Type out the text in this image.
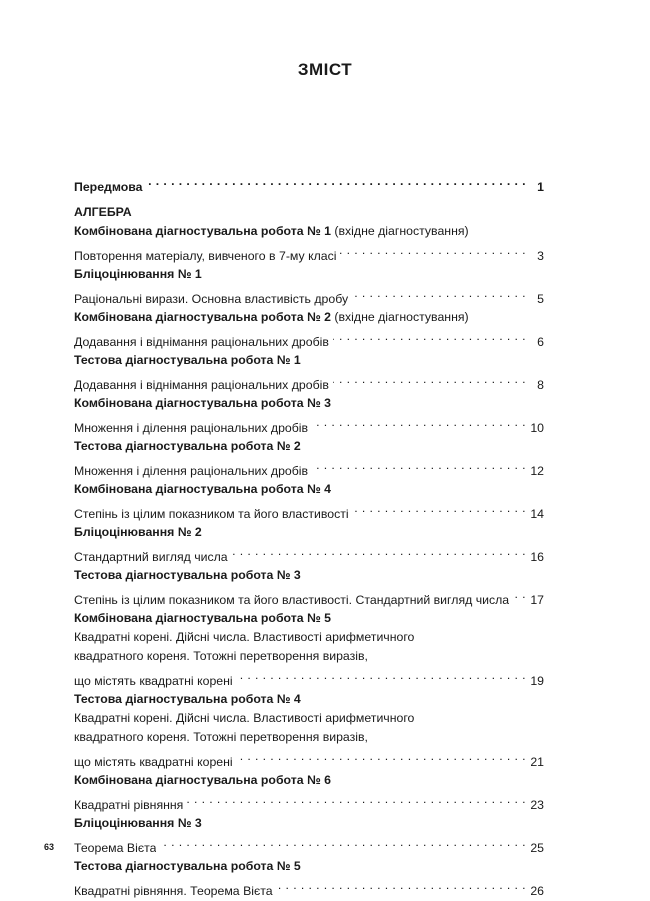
ЗМІСТ
Передмова . . .	1
АЛГЕБРА
Комбінована діагностувальна робота № 1 (вхідне діагностування)
Повторення матеріалу, вивченого в 7-му класі . . .	3
Бліцоцінювання № 1
Раціональні вирази. Основна властивість дробу . . .	5
Комбінована діагностувальна робота № 2 (вхідне діагностування)
Додавання і віднімання раціональних дробів . . .	6
Тестова діагностувальна робота № 1
Додавання і віднімання раціональних дробів . . .	8
Комбінована діагностувальна робота № 3
Множення і ділення раціональних дробів . . .	10
Тестова діагностувальна робота № 2
Множення і ділення раціональних дробів . . .	12
Комбінована діагностувальна робота № 4
Степінь із цілим показником та його властивості . . .	14
Бліцоцінювання № 2
Стандартний вигляд числа . . .	16
Тестова діагностувальна робота № 3
Степінь із цілим показником та його властивості. Стандартний вигляд числа . . . 17
Комбінована діагностувальна робота № 5
Квадратні корені. Дійсні числа. Властивості арифметичного
квадратного кореня. Тотожні перетворення виразів,
що містять квадратні корені . . .	19
Тестова діагностувальна робота № 4
Квадратні корені. Дійсні числа. Властивості арифметичного
квадратного кореня. Тотожні перетворення виразів,
що містять квадратні корені . . .	21
Комбінована діагностувальна робота № 6
Квадратні рівняння . . .	23
Бліцоцінювання № 3
Теорема Вієта . . .	25
Тестова діагностувальна робота № 5
Квадратні рівняння. Теорема Вієта . . .	26
63
